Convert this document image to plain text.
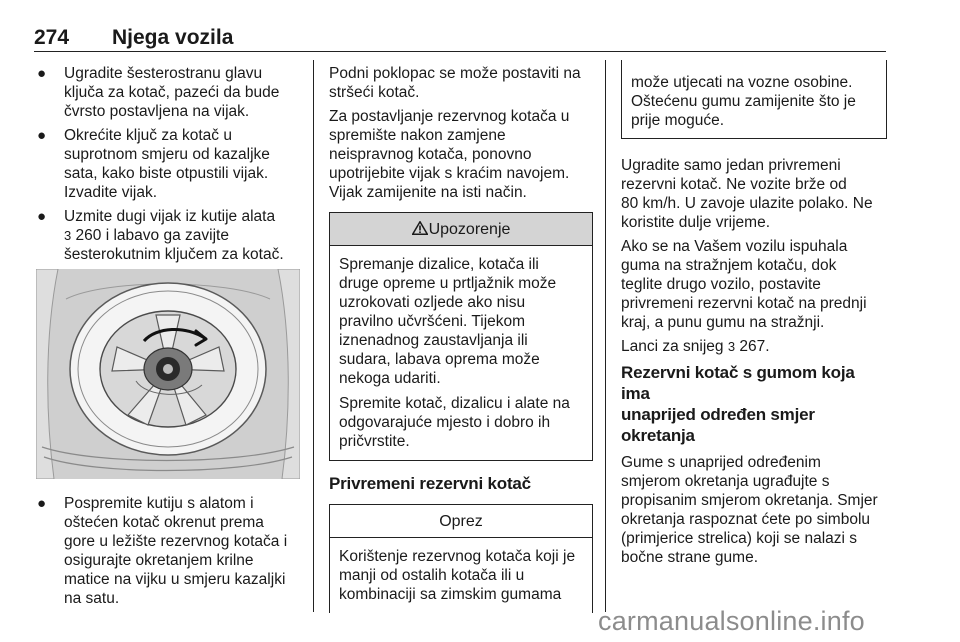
274 Njega vozila
● Ugradite šesterostranu glavu
ključa za kotač, pazeći da bude
čvrsto postavljena na vijak.
● Okrećite ključ za kotač u
suprotnom smjeru od kazaljke
sata, kako biste otpustili vijak.
Izvadite vijak.
● Uzmite dugi vijak iz kutije alata
3 260 i labavo ga zavijte
šesterokutnim ključem za kotač.
● Pospremite kutiju s alatom i
oštećen kotač okrenut prema
gore u ležište rezervnog kotača i
osigurajte okretanjem krilne
matice na vijku u smjeru kazaljki
na satu.
Podni poklopac se može postaviti na
stršeći kotač.
Za postavljanje rezervnog kotača u
spremište nakon zamjene
neispravnog kotača, ponovno
upotrijebite vijak s kraćim navojem.
Vijak zamijenite na isti način.
Upozorenje
Spremanje dizalice, kotača ili
druge opreme u prtljažnik može
uzrokovati ozljede ako nisu
pravilno učvršćeni. Tijekom
iznenadnog zaustavljanja ili
sudara, labava oprema može
nekoga udariti.
Spremite kotač, dizalicu i alate na
odgovarajuće mjesto i dobro ih
pričvrstite.
Privremeni rezervni kotač
Oprez
Korištenje rezervnog kotača koji je
manji od ostalih kotača ili u
kombinaciji sa zimskim gumama
može utjecati na vozne osobine.
Oštećenu gumu zamijenite što je
prije moguće.
Ugradite samo jedan privremeni
rezervni kotač. Ne vozite brže od
80 km/h. U zavoje ulazite polako. Ne
koristite dulje vrijeme.
Ako se na Vašem vozilu ispuhala
guma na stražnjem kotaču, dok
teglite drugo vozilo, postavite
privremeni rezervni kotač na prednji
kraj, a punu gumu na stražnji.
Lanci za snijeg 3 267.
Rezervni kotač s gumom koja ima
unaprijed određen smjer
okretanja
Gume s unaprijed određenim
smjerom okretanja ugrađujte s
propisanim smjerom okretanja. Smjer
okretanja raspoznat ćete po simbolu
(primjerice strelica) koji se nalazi s
bočne strane gume.
carmanualsonline.info
